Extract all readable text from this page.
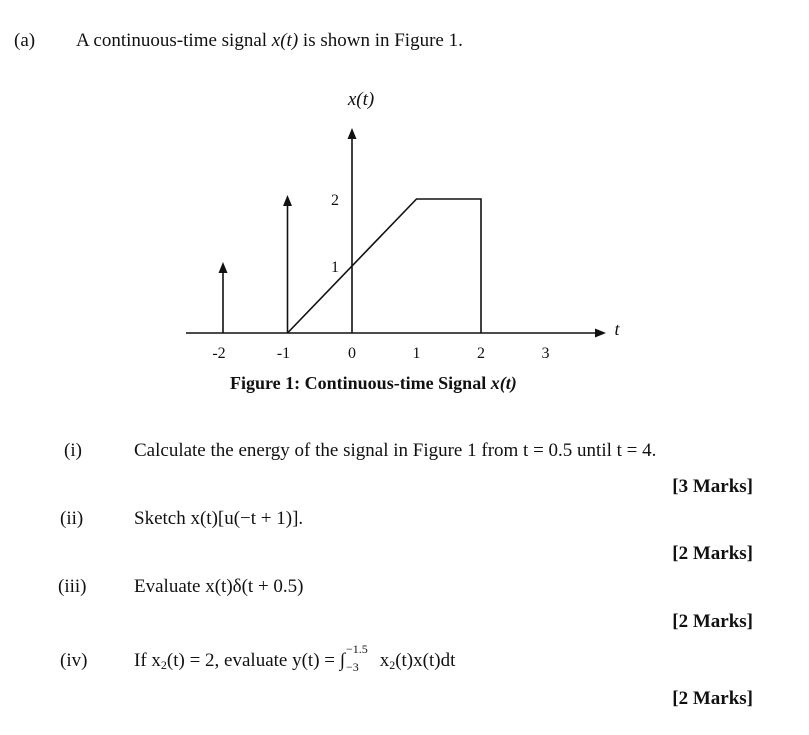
(a) A continuous-time signal x(t) is shown in Figure 1.
-2	-1	0	1	2	3
1
2
x(t)
t
Figure 1: Continuous-time Signal x(t)
(i)	Calculate the energy of the signal in Figure 1 from t = 0.5 until t = 4.
[3 Marks]
(ii)	Sketch x(t)[u(−t + 1)].
[2 Marks]
(iii)	Evaluate x(t)δ(t + 0.5)
[2 Marks]
(iv) If $x_2(t) = 2$, evaluate y(t) = ∫
−1.5
−3 $x_2(t)x(t)dt$
[2 Marks]
